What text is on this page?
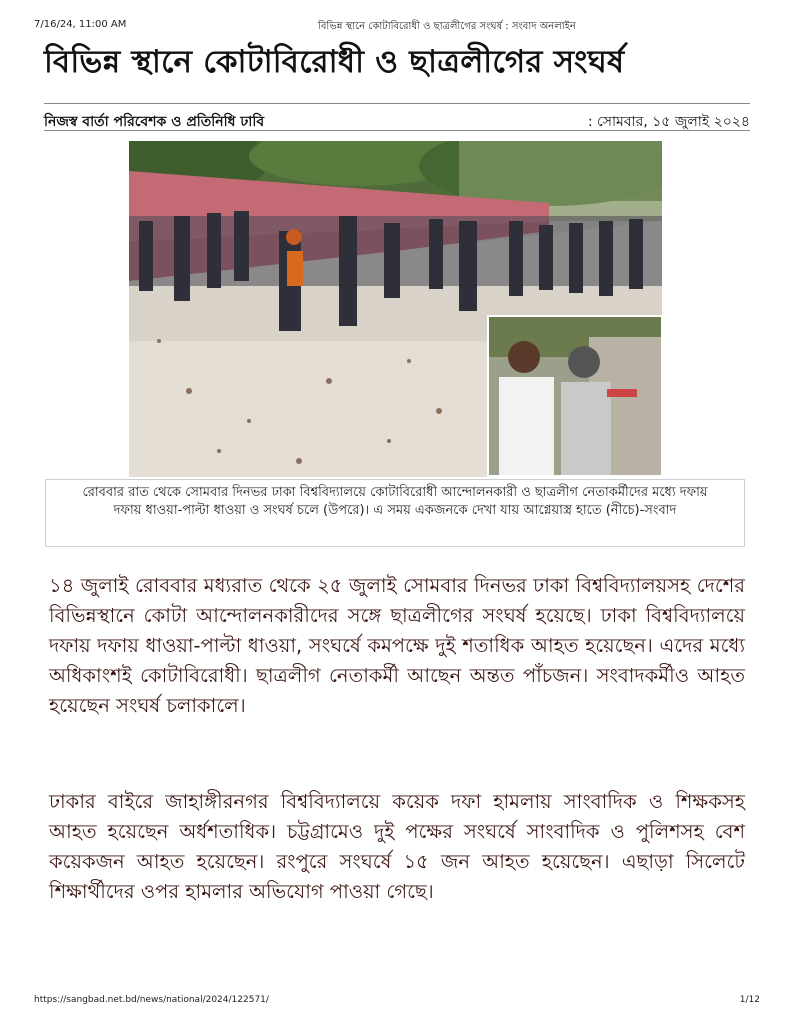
7/16/24, 11:00 AM	বিভিন্ন স্থানে কোটাবিরোধী ও ছাত্রলীগের সংঘর্ষ : সংবাদ অনলাইন
বিভিন্ন স্থানে কোটাবিরোধী ও ছাত্রলীগের সংঘর্ষ
নিজস্ব বার্তা পরিবেশক ও প্রতিনিধি ঢাবি	: সোমবার, ১৫ জুলাই ২০২৪
রোববার রাত থেকে সোমবার দিনভর ঢাকা বিশ্ববিদ্যালয়ে কোটাবিরোধী আন্দোলনকারী ও ছাত্রলীগ নেতাকর্মীদের মধ্যে দফায় দফায় ধাওয়া-পাল্টা ধাওয়া ও সংঘর্ষ চলে (উপরে)। এ সময় একজনকে দেখা যায় আগ্নেয়াস্ত্র হাতে (নীচে)-সংবাদ
১৪ জুলাই রোববার মধ্যরাত থেকে ২৫ জুলাই সোমবার দিনভর ঢাকা বিশ্ববিদ্যালয়সহ দেশের বিভিন্নস্থানে কোটা আন্দোলনকারীদের সঙ্গে ছাত্রলীগের সংঘর্ষ হয়েছে। ঢাকা বিশ্ববিদ্যালয়ে দফায় দফায় ধাওয়া-পাল্টা ধাওয়া, সংঘর্ষে কমপক্ষে দুই শতাধিক আহত হয়েছেন। এদের মধ্যে অধিকাংশই কোটাবিরোধী। ছাত্রলীগ নেতাকর্মী আছেন অন্তত পাঁচজন। সংবাদকর্মীও আহত হয়েছেন সংঘর্ষ চলাকালে।
ঢাকার বাইরে জাহাঙ্গীরনগর বিশ্ববিদ্যালয়ে কয়েক দফা হামলায় সাংবাদিক ও শিক্ষকসহ আহত হয়েছেন অর্ধশতাধিক। চট্টগ্রামেও দুই পক্ষের সংঘর্ষে সাংবাদিক ও পুলিশসহ বেশ কয়েকজন আহত হয়েছেন। রংপুরে সংঘর্ষে ১৫ জন আহত হয়েছেন। এছাড়া সিলেটে শিক্ষার্থীদের ওপর হামলার অভিযোগ পাওয়া গেছে।
https://sangbad.net.bd/news/national/2024/122571/	1/12
